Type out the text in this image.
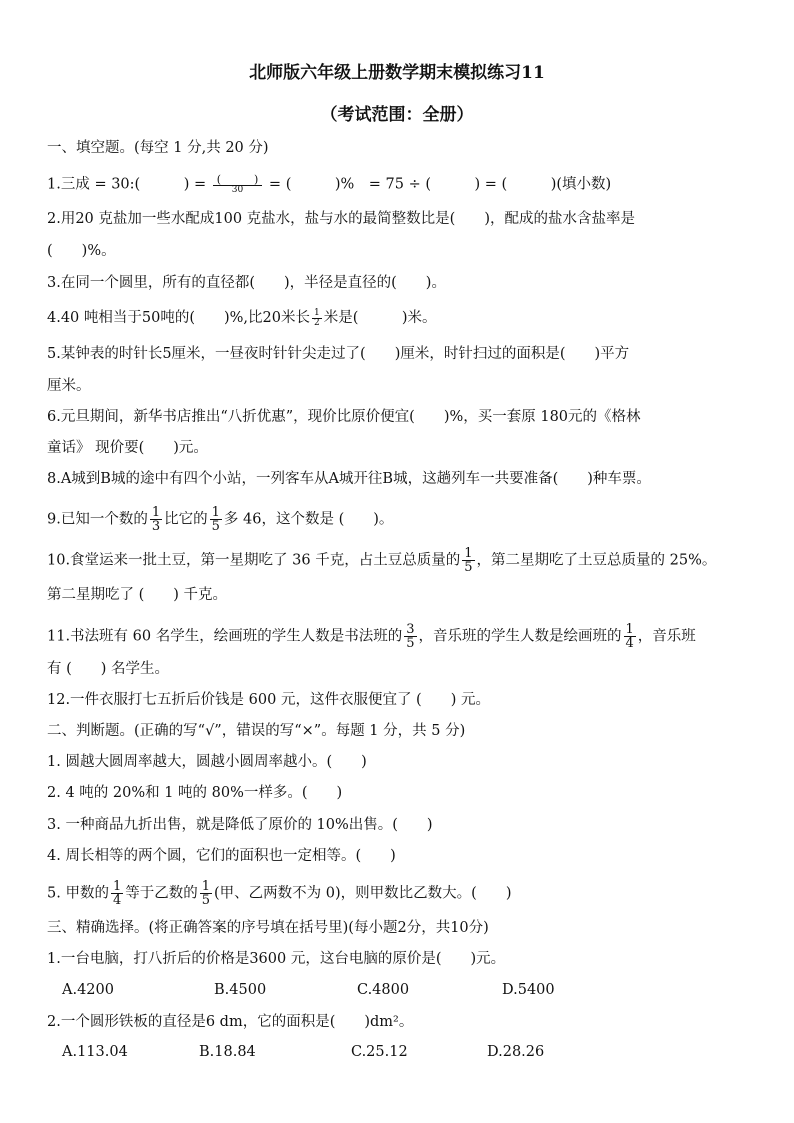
北师版六年级上册数学期末模拟练习11
（考试范围：全册）
一、填空题。(每空 1 分,共 20 分)
1.三成 = 30:(　　　) = $\frac{( )}{30}$ = (　　　)%　= 75 ÷ (　　　) = (　　　)(填小数)
2.用20 克盐加一些水配成100 克盐水，盐与水的最简整数比是(　　)，配成的盐水含盐率是
(　　)%。
3.在同一个圆里，所有的直径都(　　)，半径是直径的(　　)。
4.40 吨相当于50吨的(　　)%,比20米长 $\frac{1}{2}$ 米是(　　　)米。
5.某钟表的时针长5厘米，一昼夜时针针尖走过了(　　)厘米，时针扫过的面积是(　　)平方
厘米。
6.元旦期间，新华书店推出“八折优惠”，现价比原价便宜(　　)%，买一套原 180元的《格林
童话》 现价要(　　)元。
8.A城到B城的途中有四个小站，一列客车从A城开往B城，这趟列车一共要准备(　　)种车票。
9.已知一个数的 $\frac{1}{3}$ 比它的 $\frac{1}{5}$ 多 46，这个数是 (　　)。
10.食堂运来一批土豆，第一星期吃了 36 千克，占土豆总质量的 $\frac{1}{5}$ ，第二星期吃了土豆总质量的 25%。
第二星期吃了 (　　) 千克。
11.书法班有 60 名学生，绘画班的学生人数是书法班的 $\frac{3}{5}$ ，音乐班的学生人数是绘画班的 $\frac{1}{4}$ ，音乐班
有 (　　) 名学生。
12.一件衣服打七五折后价钱是 600 元，这件衣服便宜了 (　　) 元。
二、判断题。(正确的写“√”，错误的写“×”。每题 1 分，共 5 分)
1. 圆越大圆周率越大，圆越小圆周率越小。(　　)
2. 4 吨的 20%和 1 吨的 80%一样多。(　　)
3. 一种商品九折出售，就是降低了原价的 10%出售。(　　)
4. 周长相等的两个圆，它们的面积也一定相等。(　　)
5. 甲数的 $\frac{1}{4}$ 等于乙数的 $\frac{1}{5}$ (甲、乙两数不为 0)，则甲数比乙数大。(　　)
三、精确选择。(将正确答案的序号填在括号里)(每小题2分，共10分)
1.一台电脑，打八折后的价格是3600 元，这台电脑的原价是(　　)元。
A.4200	B.4500	C.4800	D.5400
2.一个圆形铁板的直径是6 dm，它的面积是(　　)dm²。
A.113.04	B.18.84	C.25.12	D.28.26
